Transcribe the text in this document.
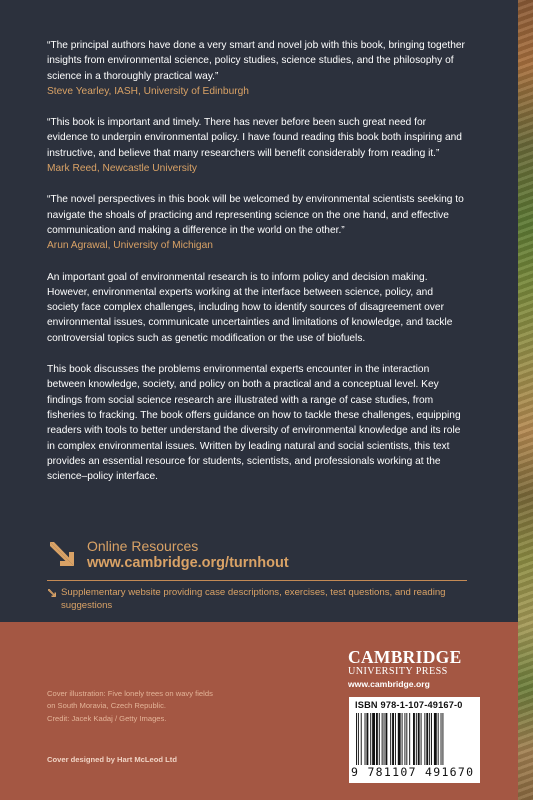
“The principal authors have done a very smart and novel job with this book, bringing together insights from environmental science, policy studies, science studies, and the philosophy of science in a thoroughly practical way.”

Steve Yearley, IASH, University of Edinburgh

“This book is important and timely. There has never before been such great need for evidence to underpin environmental policy. I have found reading this book both inspiring and instructive, and believe that many researchers will benefit considerably from reading it.”

Mark Reed, Newcastle University

“The novel perspectives in this book will be welcomed by environmental scientists seeking to navigate the shoals of practicing and representing science on the one hand, and effective communication and making a difference in the world on the other.”

Arun Agrawal, University of Michigan

An important goal of environmental research is to inform policy and decision making. However, environmental experts working at the interface between science, policy, and society face complex challenges, including how to identify sources of disagreement over environmental issues, communicate uncertainties and limitations of knowledge, and tackle controversial topics such as genetic modification or the use of biofuels.

This book discusses the problems environmental experts encounter in the interaction between knowledge, society, and policy on both a practical and a conceptual level. Key findings from social science research are illustrated with a range of case studies, from fisheries to fracking. The book offers guidance on how to tackle these challenges, equipping readers with tools to better understand the diversity of environmental knowledge and its role in complex environmental issues. Written by leading natural and social scientists, this text provides an essential resource for students, scientists, and professionals working at the science–policy interface.

Online Resources
www.cambridge.org/turnhout
Supplementary website providing case descriptions, exercises, test questions, and reading suggestions
Cover illustration: Five lonely trees on wavy fields
on South Moravia, Czech Republic.
Credit: Jacek Kadaj / Getty Images.
Cover designed by Hart McLeod Ltd
CAMBRIDGE
UNIVERSITY PRESS
www.cambridge.org
ISBN 978-1-107-49167-0
9 781107 491670
